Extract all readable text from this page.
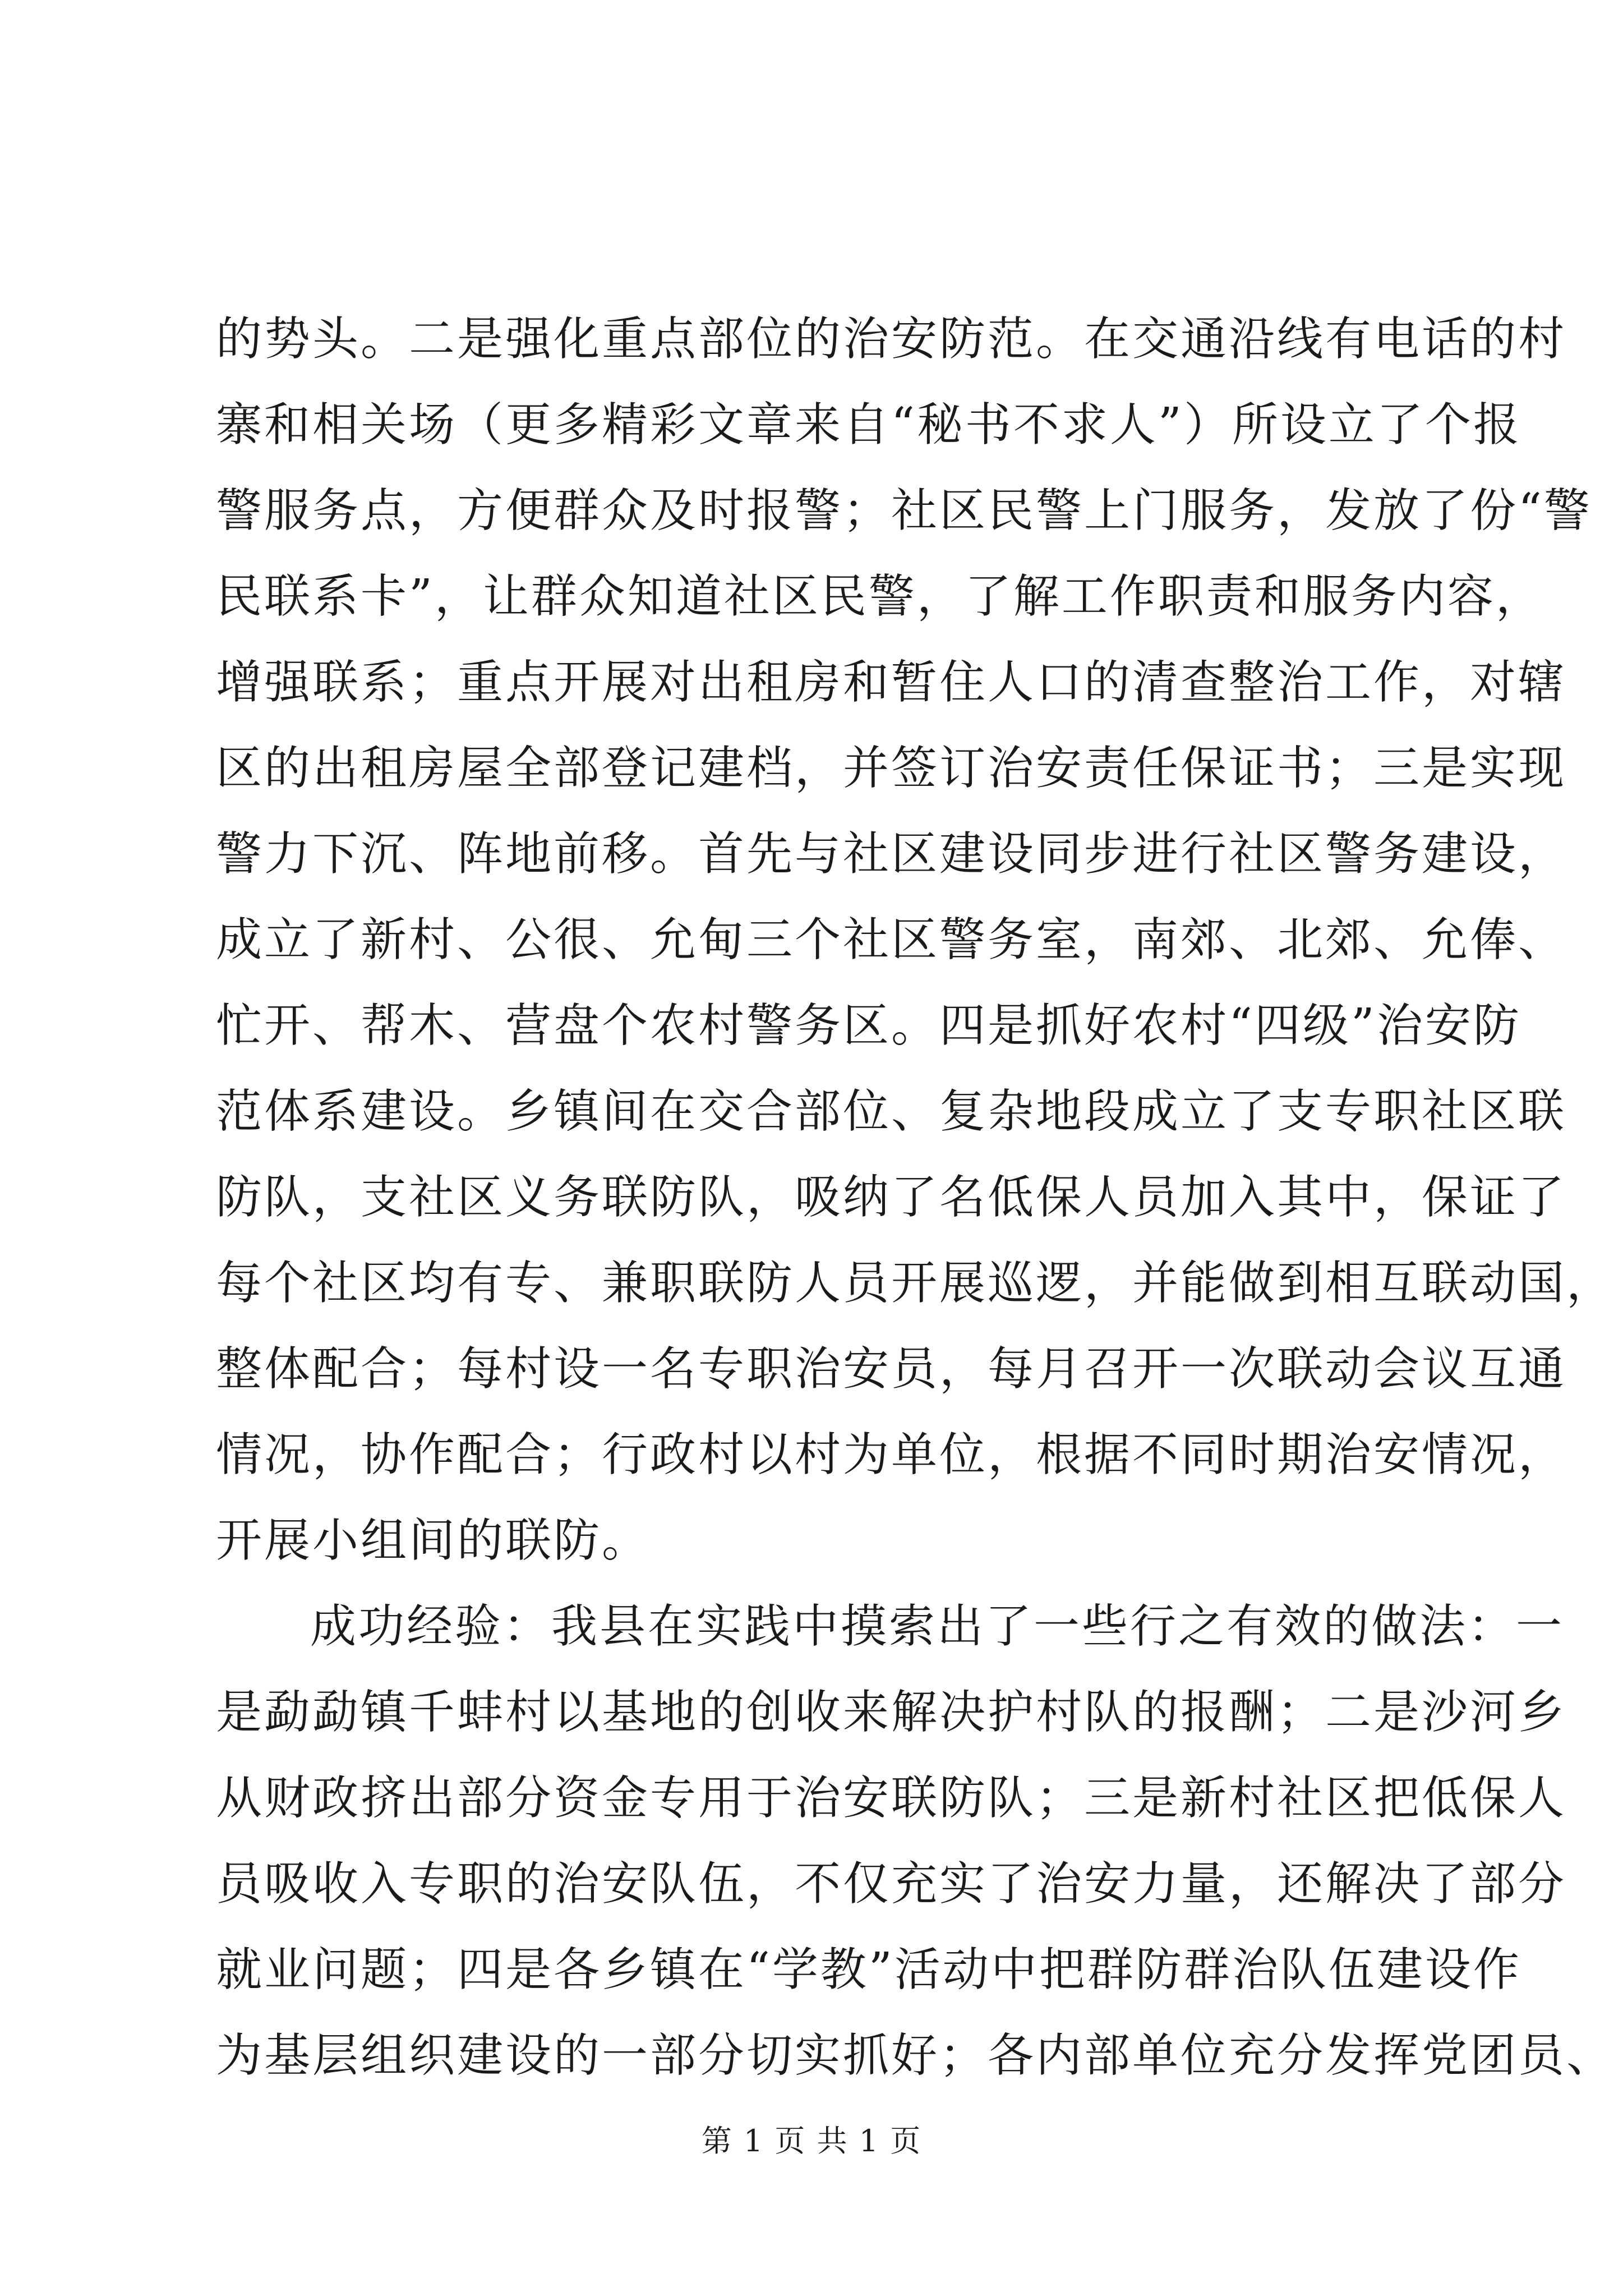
的势头。二是强化重点部位的治安防范。在交通沿线有电话的村
寨和相关场（更多精彩文章来自“秘书不求人”）所设立了个报
警服务点，方便群众及时报警；社区民警上门服务，发放了份“警
民联系卡”，让群众知道社区民警，了解工作职责和服务内容，
增强联系；重点开展对出租房和暂住人口的清查整治工作，对辖
区的出租房屋全部登记建档，并签订治安责任保证书；三是实现
警力下沉、阵地前移。首先与社区建设同步进行社区警务建设，
成立了新村、公很、允甸三个社区警务室，南郊、北郊、允俸、
忙开、帮木、营盘个农村警务区。四是抓好农村“四级”治安防
范体系建设。乡镇间在交合部位、复杂地段成立了支专职社区联
防队，支社区义务联防队，吸纳了名低保人员加入其中，保证了
每个社区均有专、兼职联防人员开展巡逻，并能做到相互联动国，
整体配合；每村设一名专职治安员，每月召开一次联动会议互通
情况，协作配合；行政村以村为单位，根据不同时期治安情况，
开展小组间的联防。
成功经验：我县在实践中摸索出了一些行之有效的做法：一
是勐勐镇千蚌村以基地的创收来解决护村队的报酬；二是沙河乡
从财政挤出部分资金专用于治安联防队；三是新村社区把低保人
员吸收入专职的治安队伍，不仅充实了治安力量，还解决了部分
就业问题；四是各乡镇在“学教”活动中把群防群治队伍建设作
为基层组织建设的一部分切实抓好；各内部单位充分发挥党团员、
第 1 页 共 1 页
